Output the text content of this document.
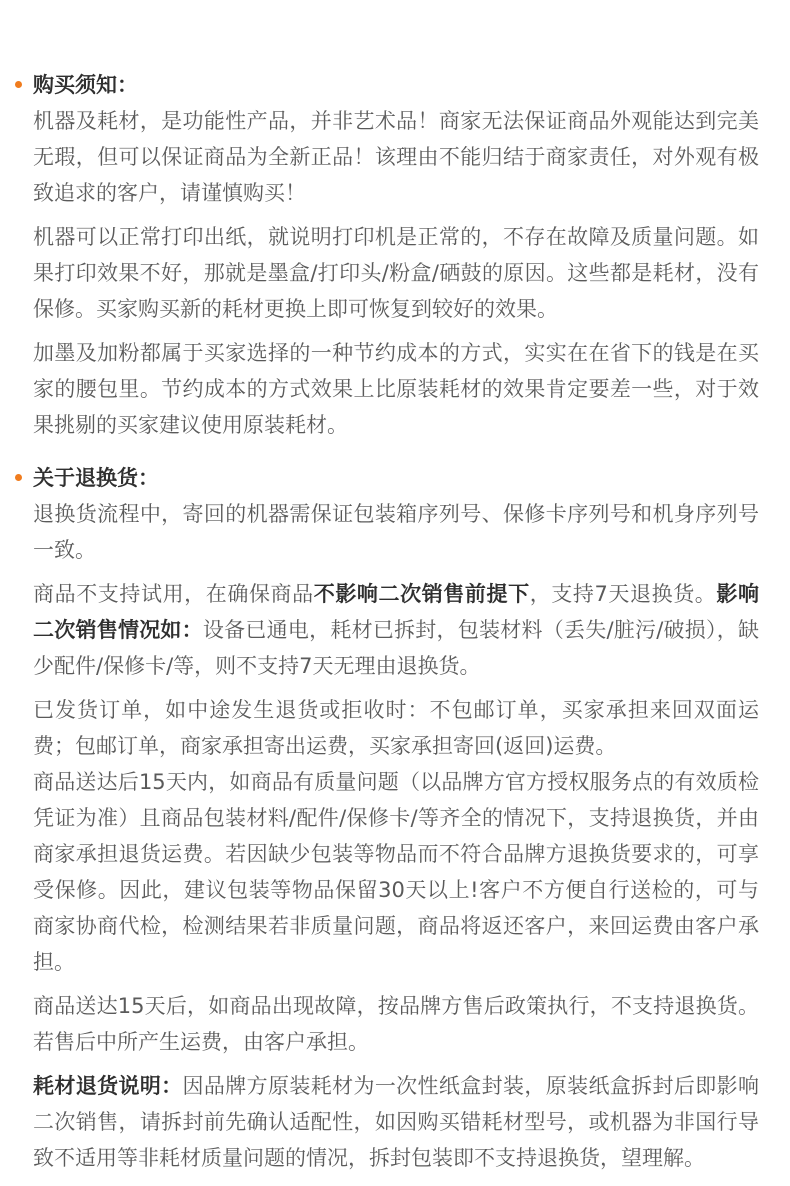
购买须知：

机器及耗材，是功能性产品，并非艺术品！商家无法保证商品外观能达到完美无瑕，但可以保证商品为全新正品！该理由不能归结于商家责任，对外观有极致追求的客户，请谨慎购买！

机器可以正常打印出纸，就说明打印机是正常的，不存在故障及质量问题。如果打印效果不好，那就是墨盒/打印头/粉盒/硒鼓的原因。这些都是耗材，没有保修。买家购买新的耗材更换上即可恢复到较好的效果。

加墨及加粉都属于买家选择的一种节约成本的方式，实实在在省下的钱是在买家的腰包里。节约成本的方式效果上比原装耗材的效果肯定要差一些，对于效果挑剔的买家建议使用原装耗材。

关于退换货：

退换货流程中，寄回的机器需保证包装箱序列号、保修卡序列号和机身序列号一致。

商品不支持试用，在确保商品不影响二次销售前提下，支持7天退换货。影响二次销售情况如：设备已通电，耗材已拆封，包装材料（丢失/脏污/破损），缺少配件/保修卡/等，则不支持7天无理由退换货。

已发货订单，如中途发生退货或拒收时：不包邮订单，买家承担来回双面运费；包邮订单，商家承担寄出运费，买家承担寄回(返回)运费。

商品送达后15天内，如商品有质量问题（以品牌方官方授权服务点的有效质检凭证为准）且商品包装材料/配件/保修卡/等齐全的情况下，支持退换货，并由商家承担退货运费。若因缺少包装等物品而不符合品牌方退换货要求的，可享受保修。因此，建议包装等物品保留30天以上!客户不方便自行送检的，可与商家协商代检，检测结果若非质量问题，商品将返还客户，来回运费由客户承担。

商品送达15天后，如商品出现故障，按品牌方售后政策执行，不支持退换货。若售后中所产生运费，由客户承担。

耗材退货说明：因品牌方原装耗材为一次性纸盒封装，原装纸盒拆封后即影响二次销售，请拆封前先确认适配性，如因购买错耗材型号，或机器为非国行导致不适用等非耗材质量问题的情况，拆封包装即不支持退换货，望理解。
